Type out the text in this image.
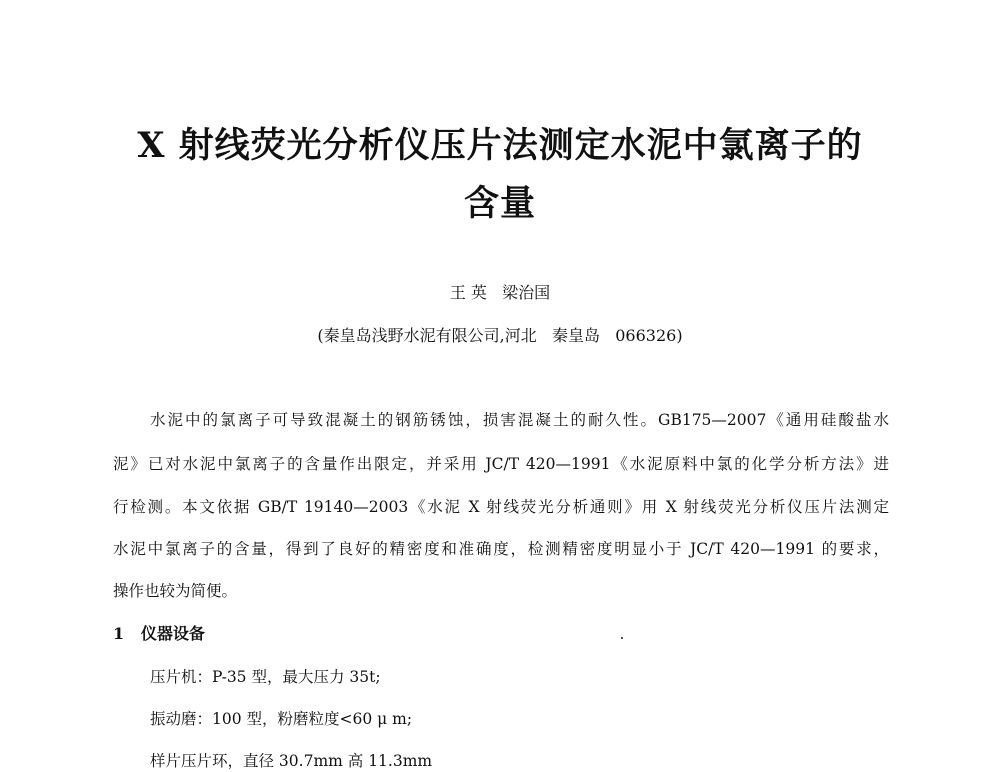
X 射线荧光分析仪压片法测定水泥中氯离子的
含量
王 英   梁治国
(秦皇岛浅野水泥有限公司,河北   秦皇岛   066326)
水泥中的氯离子可导致混凝土的钢筋锈蚀，损害混凝土的耐久性。GB175—2007《通用硅酸盐水
泥》已对水泥中氯离子的含量作出限定，并采用 JC/T 420—1991《水泥原料中氯的化学分析方法》进
行检测。本文依据 GB/T 19140—2003《水泥 X 射线荧光分析通则》用 X 射线荧光分析仪压片法测定
水泥中氯离子的含量，得到了良好的精密度和准确度，检测精密度明显小于 JC/T 420—1991 的要求，
操作也较为简便。
1   仪器设备
压片机：P-35 型，最大压力 35t;
振动磨：100 型，粉磨粒度<60 μ m;
样片压片环，直径 30.7mm 高 11.3mm
